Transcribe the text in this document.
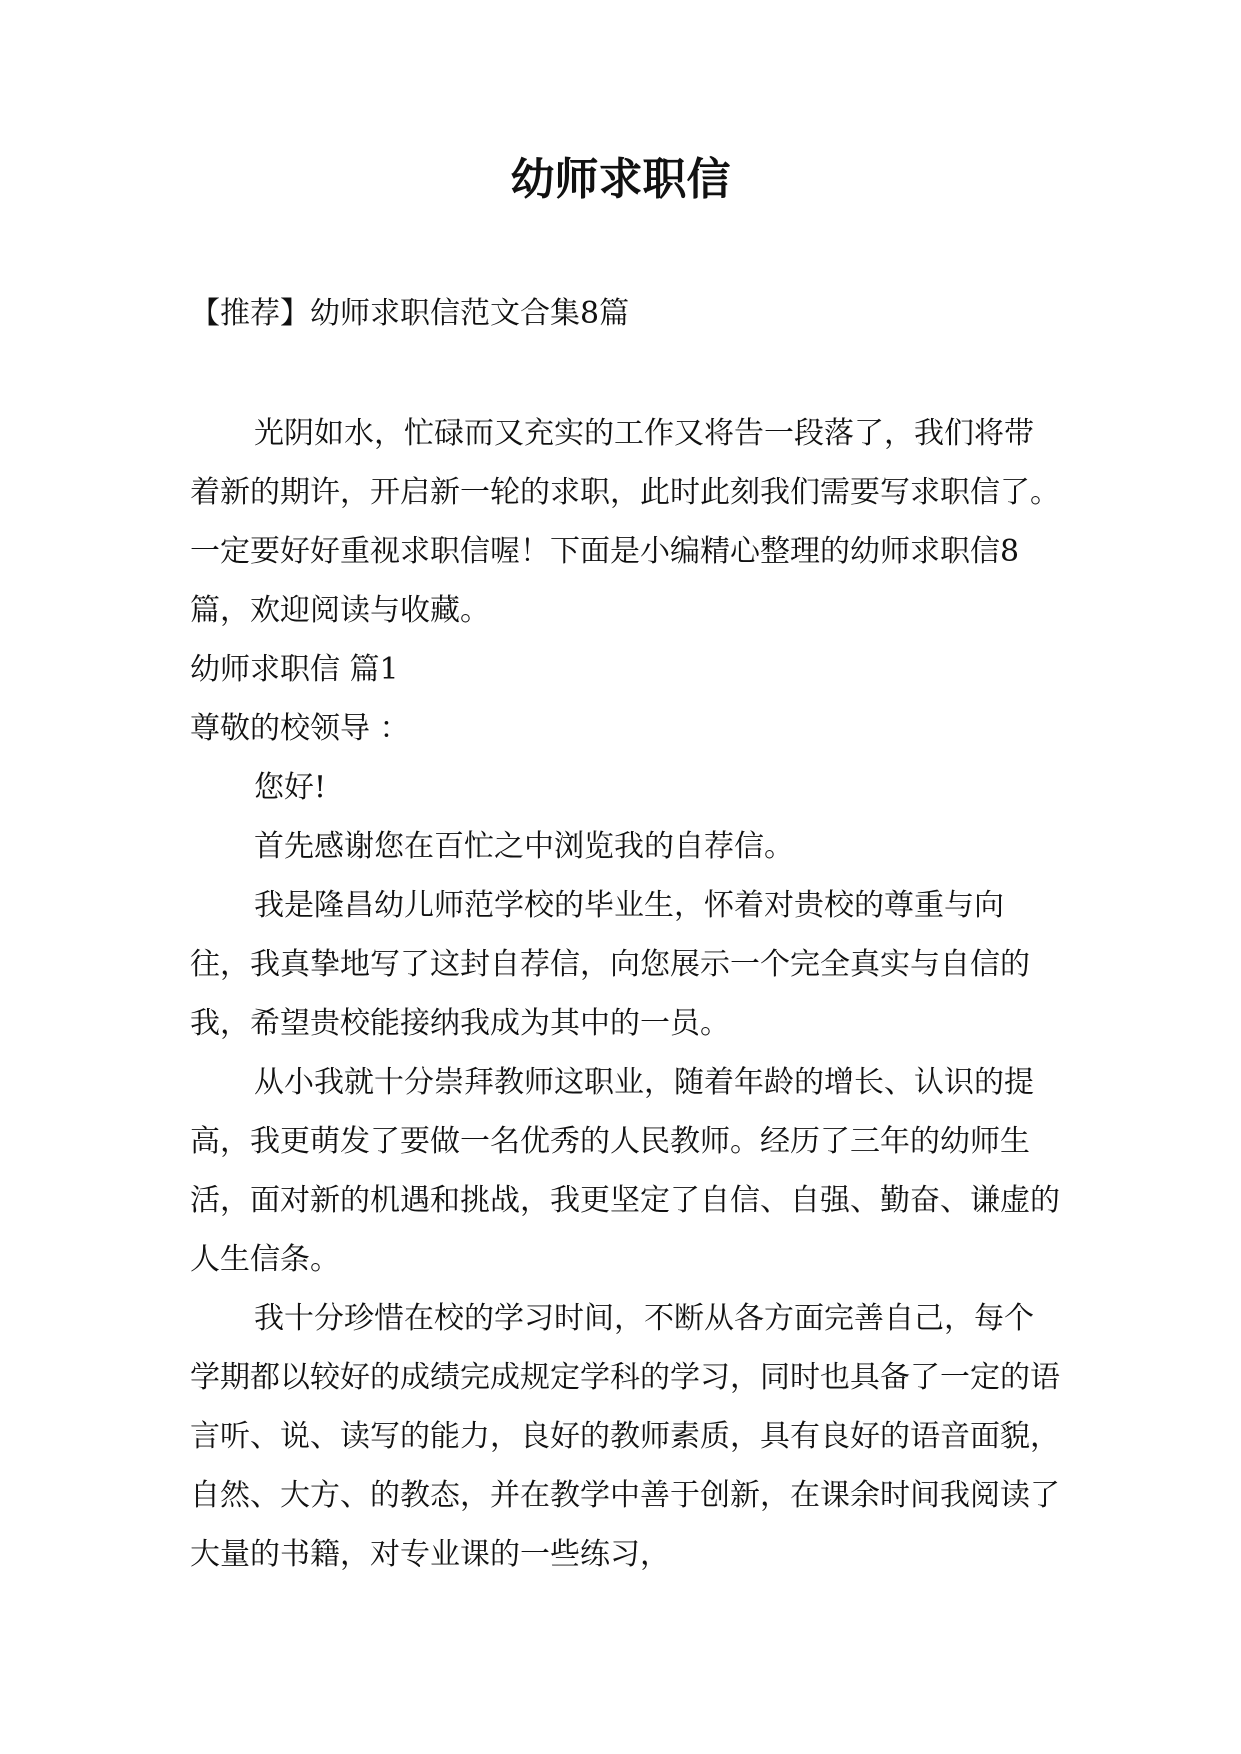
幼师求职信

【推荐】幼师求职信范文合集8篇

光阴如水，忙碌而又充实的工作又将告一段落了，我们将带着新的期许，开启新一轮的求职，此时此刻我们需要写求职信了。一定要好好重视求职信喔！下面是小编精心整理的幼师求职信8篇，欢迎阅读与收藏。

幼师求职信 篇1

尊敬的校领导 ：

您好!

首先感谢您在百忙之中浏览我的自荐信。

我是隆昌幼儿师范学校的毕业生，怀着对贵校的尊重与向往，我真挚地写了这封自荐信，向您展示一个完全真实与自信的我，希望贵校能接纳我成为其中的一员。

从小我就十分崇拜教师这职业，随着年龄的增长、认识的提高，我更萌发了要做一名优秀的人民教师。经历了三年的幼师生活，面对新的机遇和挑战，我更坚定了自信、自强、勤奋、谦虚的人生信条。

我十分珍惜在校的学习时间，不断从各方面完善自己，每个学期都以较好的成绩完成规定学科的学习，同时也具备了一定的语言听、说、读写的能力，良好的教师素质，具有良好的语音面貌，自然、大方、的教态，并在教学中善于创新，在课余时间我阅读了大量的书籍，对专业课的一些练习，
